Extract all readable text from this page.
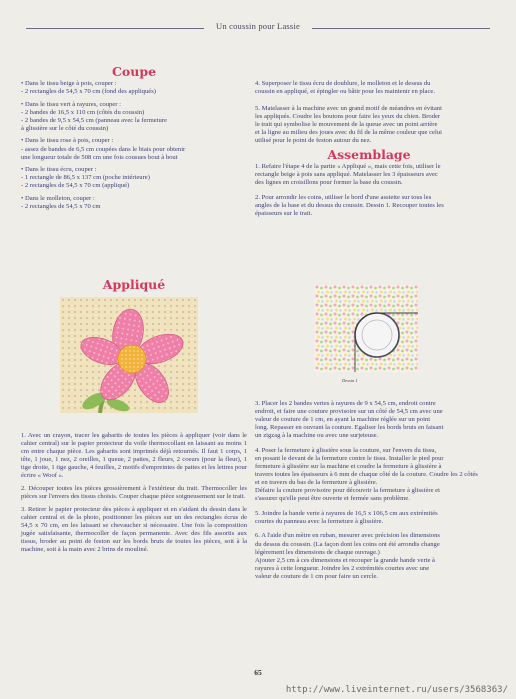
Un coussin pour Lassie
Coupe

• Dans le tissu beige à pois, couper :
- 2 rectangles de 54,5 x 70 cm (fond des appliqués)

• Dans le tissu vert à rayures, couper :
- 2 bandes de 16,5 x 110 cm (côtés du coussin)
- 2 bandes de 9,5 x 54,5 cm (panneau avec la fermeture
à glissière sur le côté du coussin)

• Dans le tissu rose à pois, couper :
- assez de bandes de 6,5 cm coupées dans le biais pour obtenir
une longueur totale de 508 cm une fois cousues bout à bout

• Dans le tissu écru, couper :
- 1 rectangle de 86,5 x 137 cm (poche intérieure)
- 2 rectangles de 54,5 x 70 cm (appliqué)

• Dans le molleton, couper :
- 2 rectangles de 54,5 x 70 cm

Appliqué

1. Avec un crayon, tracer les gabarits de toutes les pièces à appliquer (voir dans le cahier central) sur le papier protecteur du voile thermocollant en laissant au moins 1 cm entre chaque pièce. Les gabarits sont imprimés déjà retournés. Il faut 1 corps, 1 tête, 1 joue, 1 nez, 2 oreilles, 1 queue, 2 pattes, 2 fleurs, 2 coeurs (pour la fleur), 1 tige droite, 1 tige gauche, 4 feuilles, 2 motifs d'empreintes de pattes et les lettres pour écrire « Woof ».

2. Découper toutes les pièces grossièrement à l'extérieur du trait. Thermocoller les pièces sur l'envers des tissus choisis. Couper chaque pièce soigneusement sur le trait.

3. Retirer le papier protecteur des pièces à appliquer et en s'aidant du dessin dans le cahier central et de la photo, positionner les pièces sur un des rectangles écrus de 54,5 x 70 cm, en les laissant se chevaucher si nécessaire. Une fois la composition jugée satisfaisante, thermocoller de façon permanente. Avec des fils assortis aux tissus, broder au point de feston sur les bords bruts de toutes les pièces, soit à la machine, soit à la main avec 2 brins de mouliné.

4. Superposer le tissu écru de doublure, le molleton et le dessus du
coussin en appliqué, et épingler ou bâtir pour les maintenir en place.

5. Matelasser à la machine avec un grand motif de méandres en évitant
les appliqués. Coudre les boutons pour faire les yeux du chien. Broder
le trait qui symbolise le mouvement de la queue avec un point arrière
et la ligne au milieu des joues avec du fil de la même couleur que celui
utilisé pour le point de feston autour du nez.

Assemblage

1. Refaire l'étape 4 de la partie « Appliqué », mais cette fois, utiliser le
rectangle beige à pois sans appliqué. Matelasser les 3 épaisseurs avec
des lignes en croisillons pour former la base du coussin.

2. Pour arrondir les coins, utiliser le bord d'une assiette sur tous les
angles de la base et du dessus du coussin. Dessin 1. Recouper toutes les
épaisseurs sur le trait.

Dessin 1

3. Placer les 2 bandes vertes à rayures de 9 x 54,5 cm, endroit contre
endroit, et faire une couture provisoire sur un côté de 54,5 cm avec une
valeur de couture de 1 cm, en ayant la machine réglée sur un point
long. Repasser en ouvrant la couture. Egaliser les bords bruts en faisant
un zigzag à la machine ou avec une surjeteuse.

4. Poser la fermeture à glissière sous la couture, sur l'envers du tissu,
en posant le devant de la fermeture contre le tissu. Installer le pied pour
fermeture à glissière sur la machine et coudre la fermeture à glissière à
travers toutes les épaisseurs à 6 mm de chaque côté de la couture. Coudre les 2 côtés
et en travers du bas de la fermeture à glissière.
Défaire la couture provisoire pour découvrir la fermeture à glissière et
s'assurer qu'elle peut être ouverte et fermée sans problème.

5. Joindre la bande verte à rayures de 16,5 x 106,5 cm aux extrémités
courtes du panneau avec la fermeture à glissière.

6. A l'aide d'un mètre en ruban, mesurer avec précision les dimensions
du dessus du coussin. (La façon dont les coins ont été arrondis change
légèrement les dimensions de chaque ouvrage.)
Ajouter 2,5 cm à ces dimensions et recouper la grande bande verte à
rayures à cette longueur. Joindre les 2 extrémités courtes avec une
valeur de couture de 1 cm pour faire un cercle.

65
http://www.liveinternet.ru/users/3568363/
